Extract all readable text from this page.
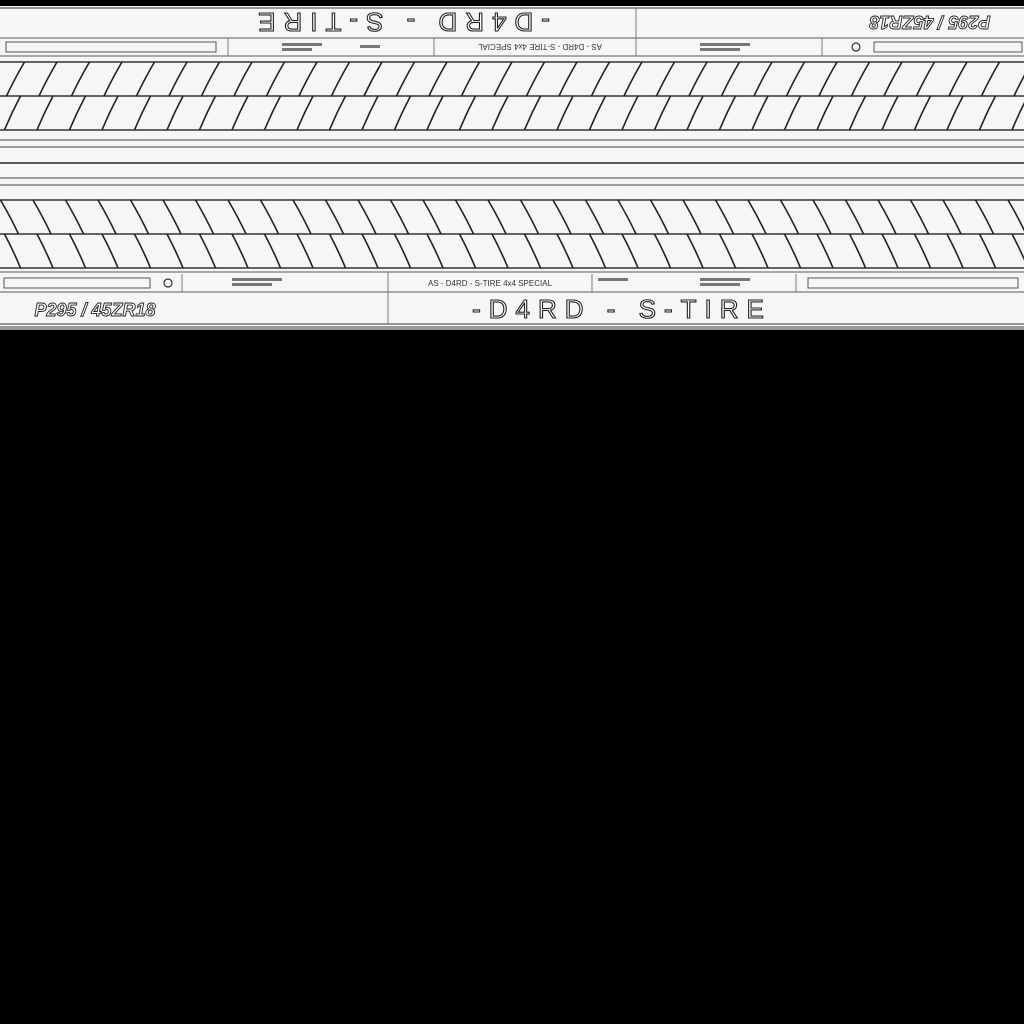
-D4RD - S-TIRE	P295 / 45ZR18
AS - D4RD - S-TIRE 4x4 SPECIAL
-D4RD - S-TIRE
P295 / 45ZR18
AS - D4RD - S-TIRE 4x4 SPECIAL
